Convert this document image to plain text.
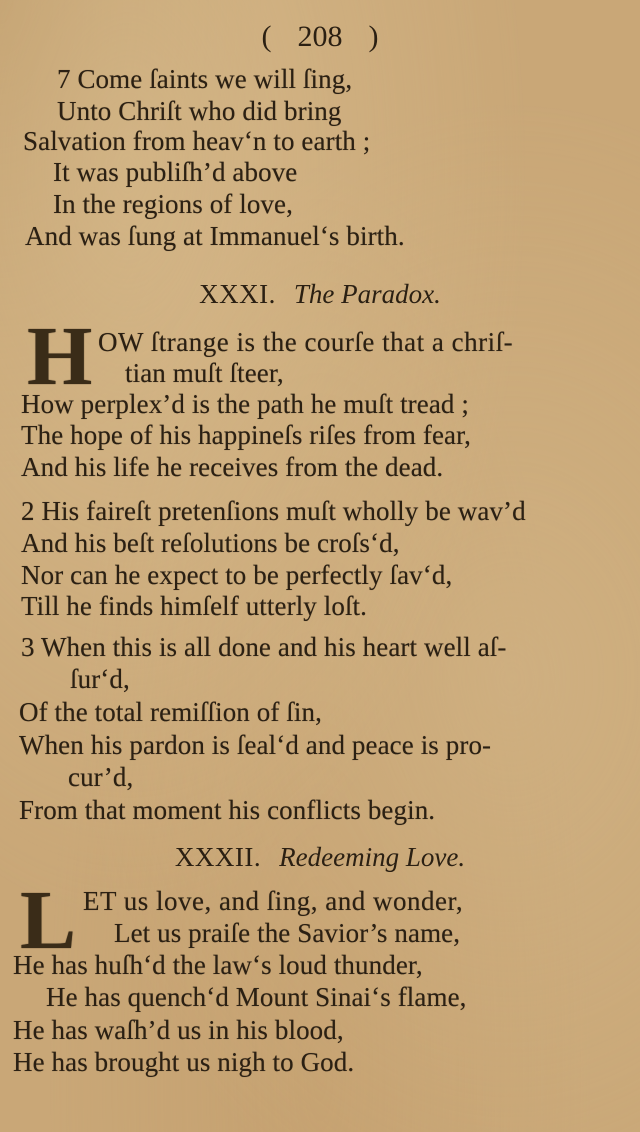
( 208 )
7 Come ſaints we will ſing,
Unto Chriſt who did bring
Salvation from heav‘n to earth ;
It was publiſh’d above
In the regions of love,
And was ſung at Immanuel‘s birth.
XXXI. The Paradox.
H OW ſtrange is the courſe that a chriſ-
tian muſt ſteer,
How perplex’d is the path he muſt tread ;
The hope of his happineſs riſes from fear,
And his life he receives from the dead.
2 His faireſt pretenſions muſt wholly be wav’d
And his beſt reſolutions be croſs‘d,
Nor can he expect to be perfectly ſav‘d,
Till he finds himſelf utterly loſt.
3 When this is all done and his heart well aſ-
ſur‘d,
Of the total remiſſion of ſin,
When his pardon is ſeal‘d and peace is pro-
cur’d,
From that moment his conflicts begin.
XXXII. Redeeming Love.
L ET us love, and ſing, and wonder,
Let us praiſe the Savior’s name,
He has huſh‘d the law‘s loud thunder,
He has quench‘d Mount Sinai‘s flame,
He has waſh’d us in his blood,
He has brought us nigh to God.
